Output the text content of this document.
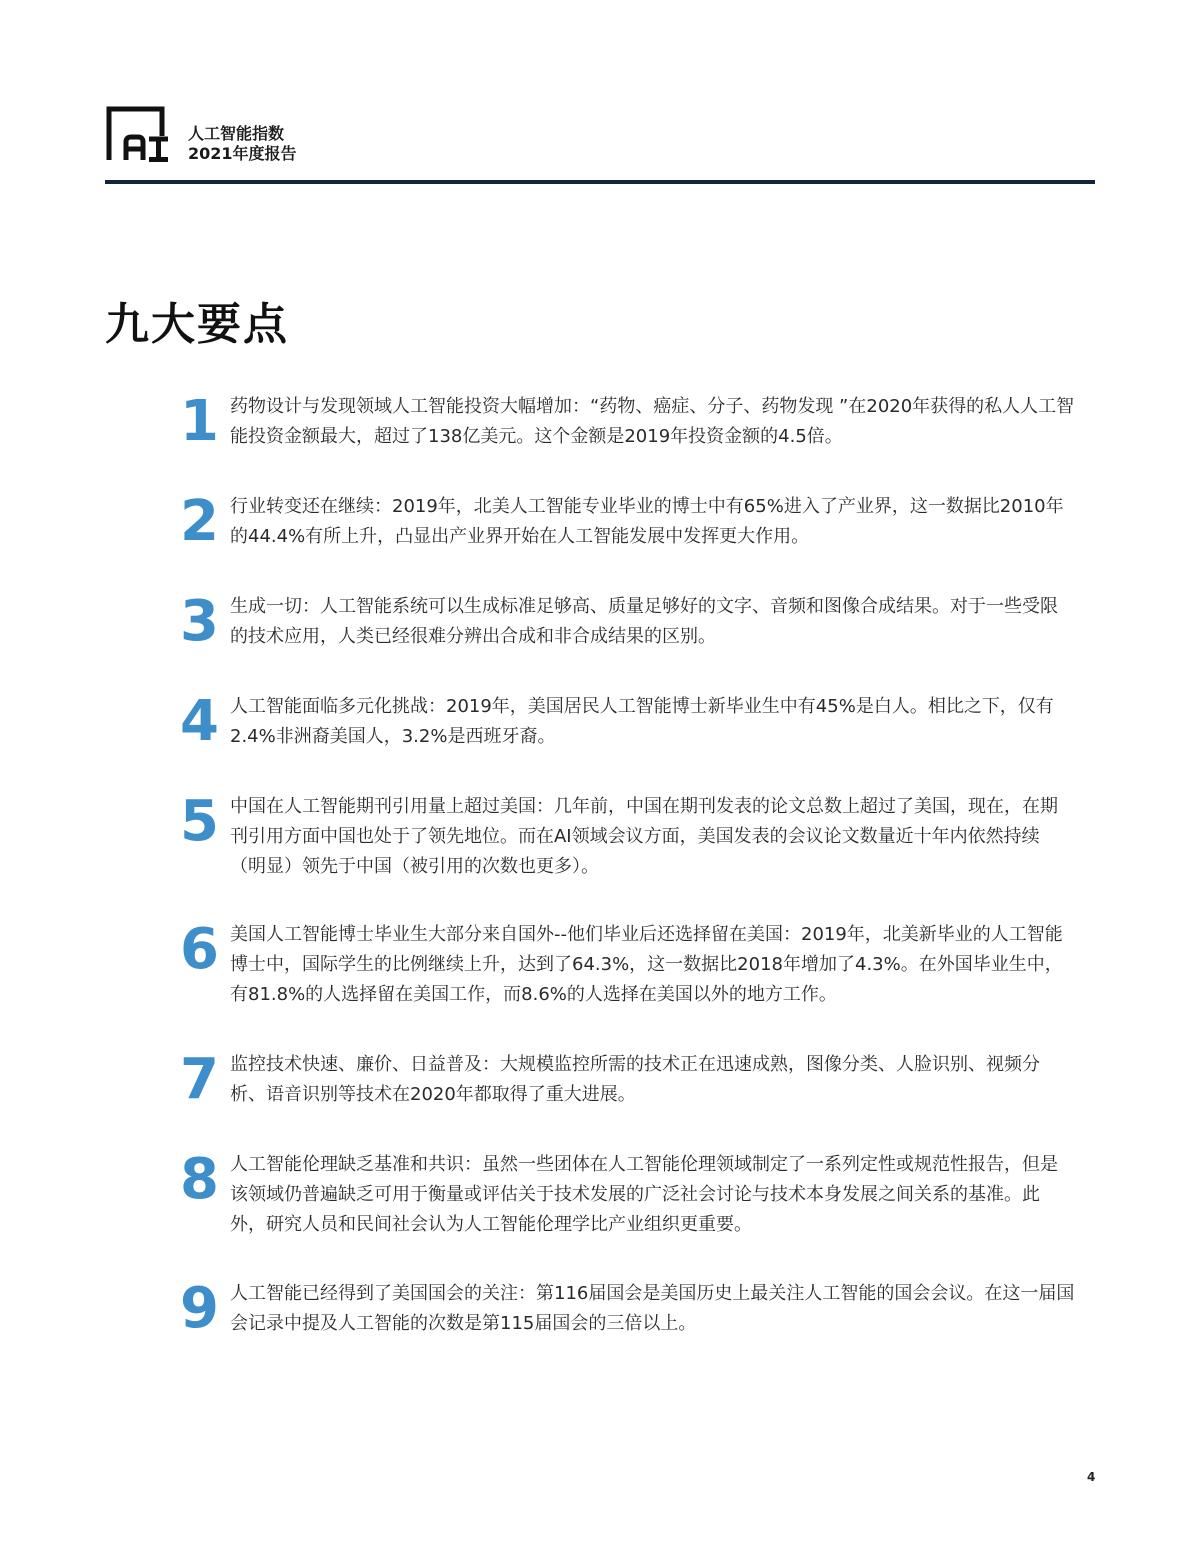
人工智能指数
2021年度报告
九大要点
1 药物设计与发现领域人工智能投资大幅增加：“药物、癌症、分子、药物发现 ”在2020年获得的私人人工智能投资金额最大，超过了138亿美元。这个金额是2019年投资金额的4.5倍。
2 行业转变还在继续：2019年，北美人工智能专业毕业的博士中有65%进入了产业界，这一数据比2010年的44.4%有所上升，凸显出产业界开始在人工智能发展中发挥更大作用。
3 生成一切：人工智能系统可以生成标准足够高、质量足够好的文字、音频和图像合成结果。对于一些受限的技术应用，人类已经很难分辨出合成和非合成结果的区别。
4 人工智能面临多元化挑战：2019年，美国居民人工智能博士新毕业生中有45%是白人。相比之下，仅有2.4%非洲裔美国人，3.2%是西班牙裔。
5 中国在人工智能期刊引用量上超过美国：几年前，中国在期刊发表的论文总数上超过了美国，现在，在期刊引用方面中国也处于了领先地位。而在AI领域会议方面，美国发表的会议论文数量近十年内依然持续（明显）领先于中国（被引用的次数也更多）。
6 美国人工智能博士毕业生大部分来自国外--他们毕业后还选择留在美国：2019年，北美新毕业的人工智能博士中，国际学生的比例继续上升，达到了64.3%，这一数据比2018年增加了4.3%。在外国毕业生中，有81.8%的人选择留在美国工作，而8.6%的人选择在美国以外的地方工作。
7 监控技术快速、廉价、日益普及：大规模监控所需的技术正在迅速成熟，图像分类、人脸识别、视频分析、语音识别等技术在2020年都取得了重大进展。
8 人工智能伦理缺乏基准和共识：虽然一些团体在人工智能伦理领域制定了一系列定性或规范性报告，但是该领域仍普遍缺乏可用于衡量或评估关于技术发展的广泛社会讨论与技术本身发展之间关系的基准。此外，研究人员和民间社会认为人工智能伦理学比产业组织更重要。
9 人工智能已经得到了美国国会的关注：第116届国会是美国历史上最关注人工智能的国会会议。在这一届国会记录中提及人工智能的次数是第115届国会的三倍以上。
4
